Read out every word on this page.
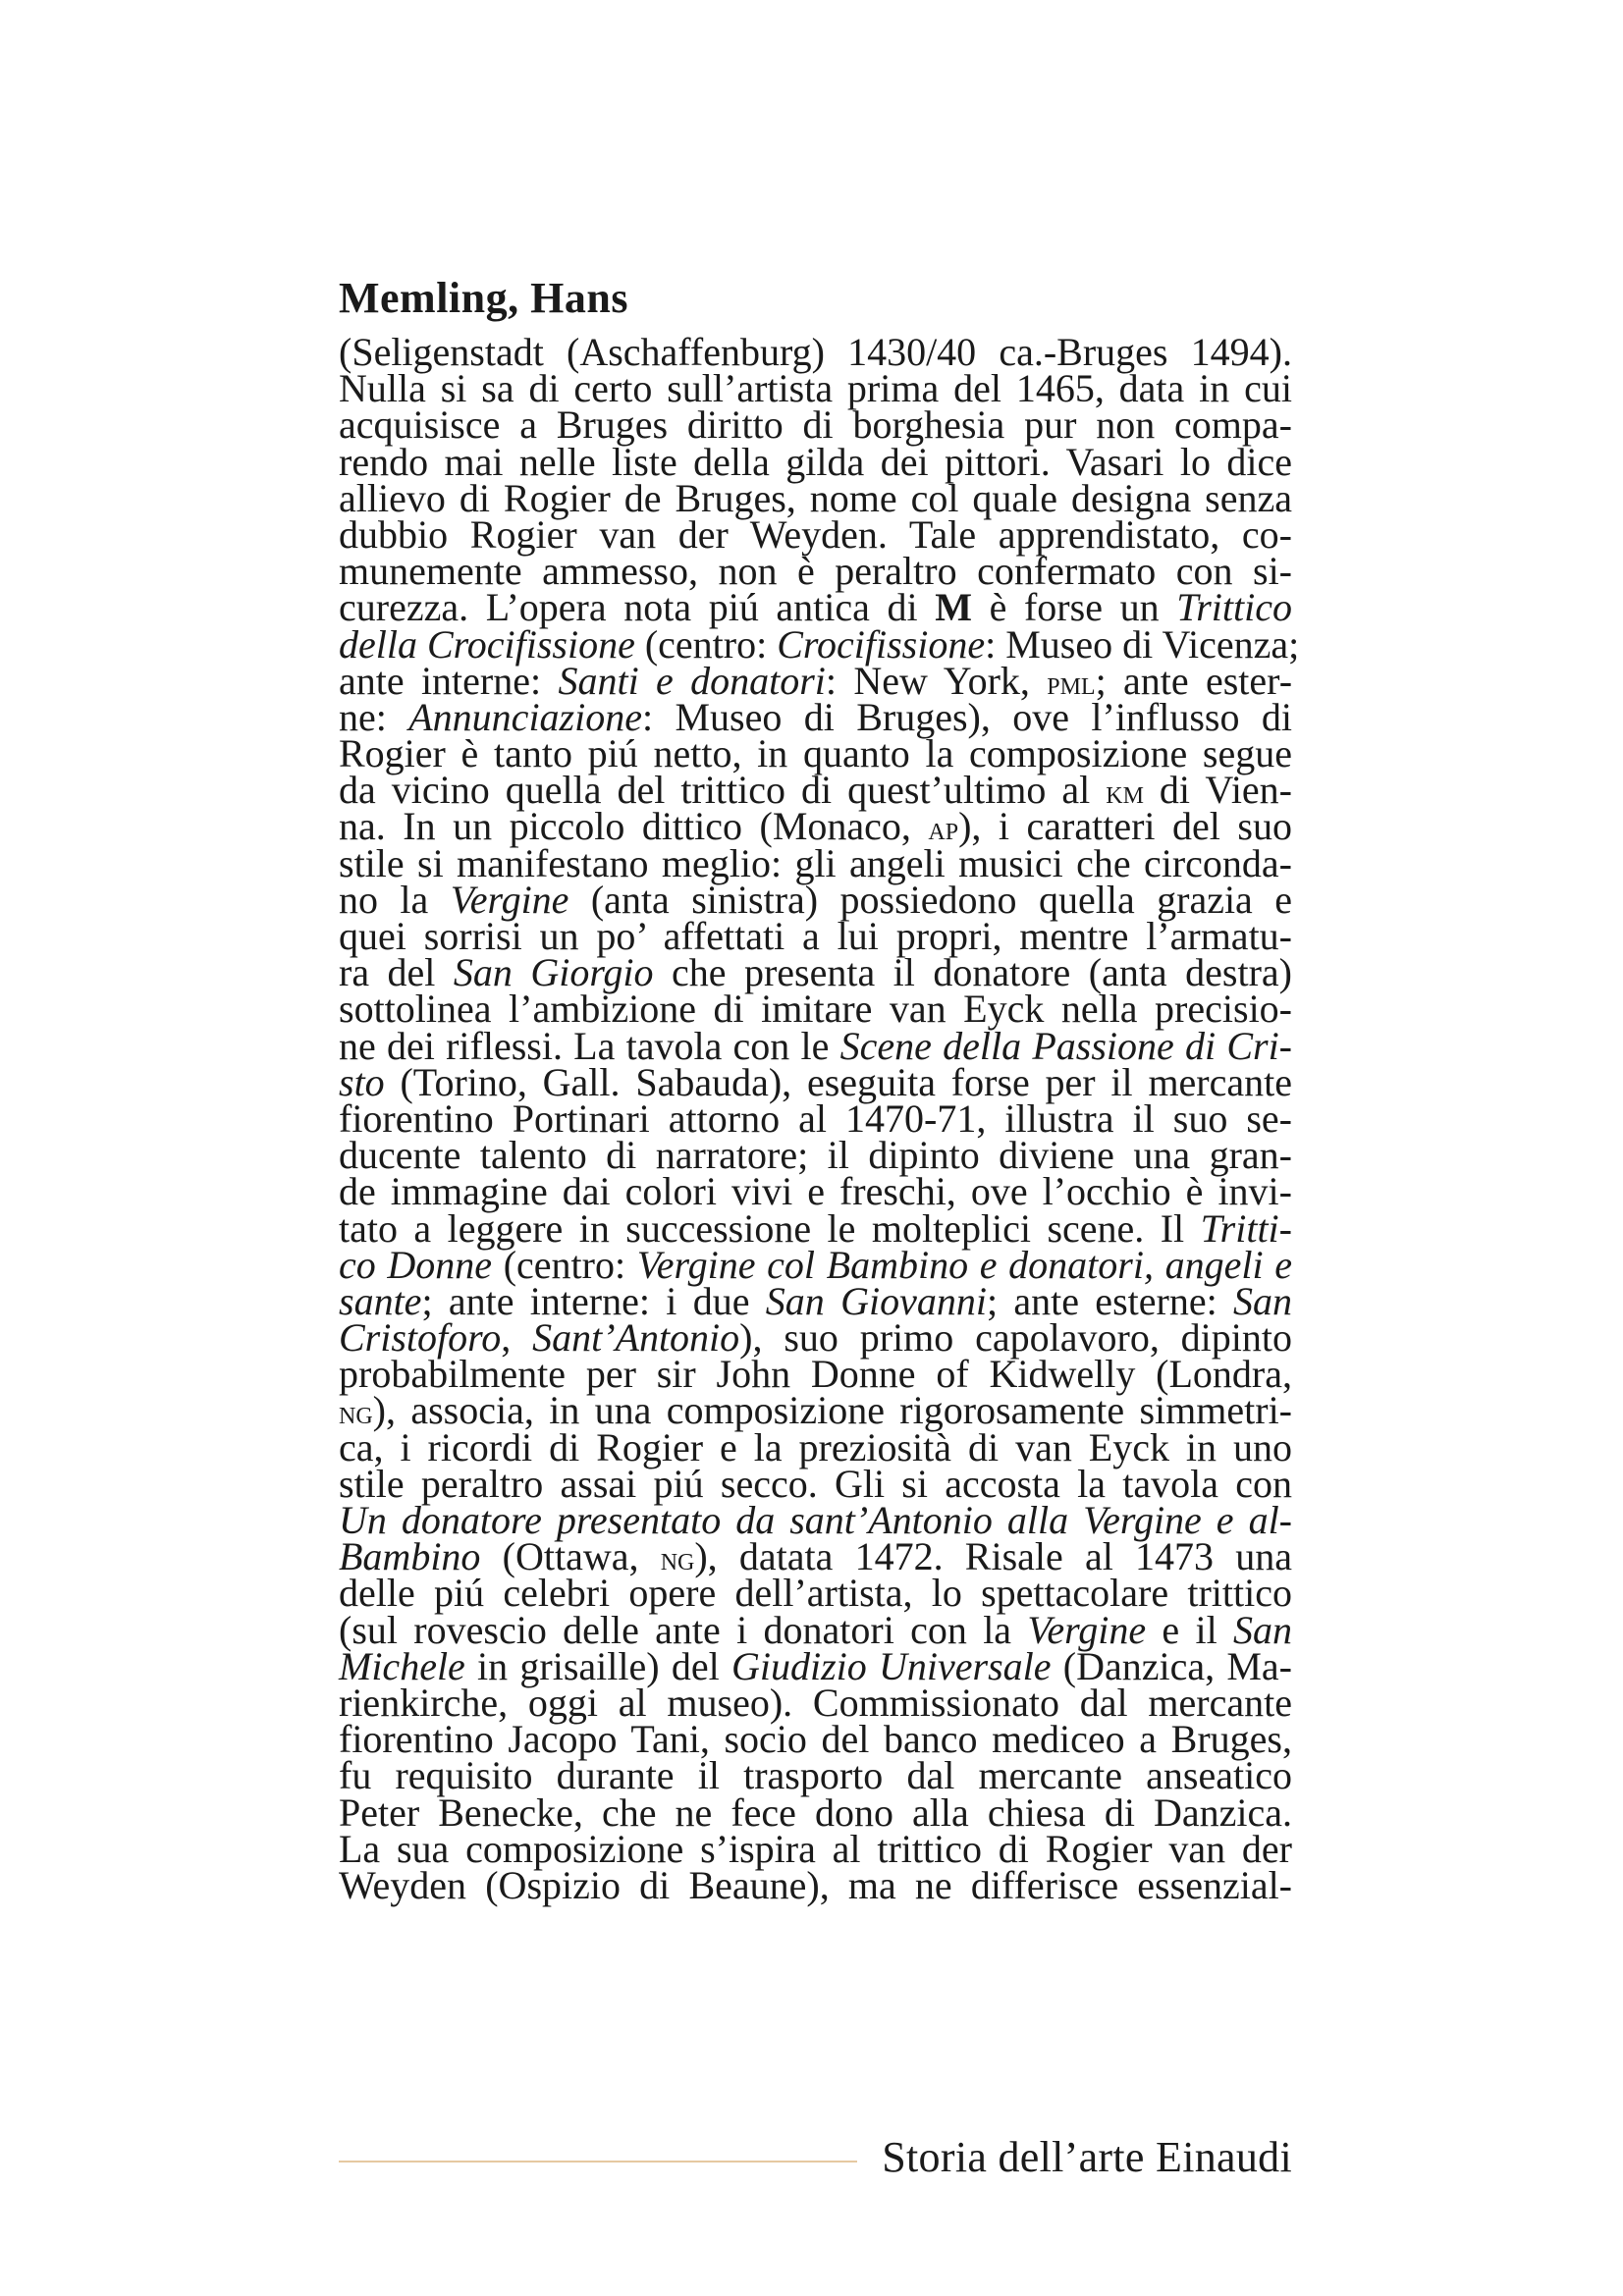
Memling, Hans
(Seligenstadt (Aschaffenburg) 1430/40 ca.-Bruges 1494).
Nulla si sa di certo sull’artista prima del 1465, data in cui
acquisisce a Bruges diritto di borghesia pur non compa-
rendo mai nelle liste della gilda dei pittori. Vasari lo dice
allievo di Rogier de Bruges, nome col quale designa senza
dubbio Rogier van der Weyden. Tale apprendistato, co-
munemente ammesso, non è peraltro confermato con si-
curezza. L’opera nota piú antica di M è forse un Trittico
della Crocifissione (centro: Crocifissione: Museo di Vicenza;
ante interne: Santi e donatori: New York, pml; ante ester-
ne: Annunciazione: Museo di Bruges), ove l’influsso di
Rogier è tanto piú netto, in quanto la composizione segue
da vicino quella del trittico di quest’ultimo al km di Vien-
na. In un piccolo dittico (Monaco, ap), i caratteri del suo
stile si manifestano meglio: gli angeli musici che circonda-
no la Vergine (anta sinistra) possiedono quella grazia e
quei sorrisi un po’ affettati a lui propri, mentre l’armatu-
ra del San Giorgio che presenta il donatore (anta destra)
sottolinea l’ambizione di imitare van Eyck nella precisio-
ne dei riflessi. La tavola con le Scene della Passione di Cri-
sto (Torino, Gall. Sabauda), eseguita forse per il mercante
fiorentino Portinari attorno al 1470-71, illustra il suo se-
ducente talento di narratore; il dipinto diviene una gran-
de immagine dai colori vivi e freschi, ove l’occhio è invi-
tato a leggere in successione le molteplici scene. Il Tritti-
co Donne (centro: Vergine col Bambino e donatori, angeli e
sante; ante interne: i due San Giovanni; ante esterne: San
Cristoforo, Sant’Antonio), suo primo capolavoro, dipinto
probabilmente per sir John Donne of Kidwelly (Londra,
ng), associa, in una composizione rigorosamente simmetri-
ca, i ricordi di Rogier e la preziosità di van Eyck in uno
stile peraltro assai piú secco. Gli si accosta la tavola con
Un donatore presentato da sant’Antonio alla Vergine e al-
Bambino (Ottawa, ng), datata 1472. Risale al 1473 una
delle piú celebri opere dell’artista, lo spettacolare trittico
(sul rovescio delle ante i donatori con la Vergine e il San
Michele in grisaille) del Giudizio Universale (Danzica, Ma-
rienkirche, oggi al museo). Commissionato dal mercante
fiorentino Jacopo Tani, socio del banco mediceo a Bruges,
fu requisito durante il trasporto dal mercante anseatico
Peter Benecke, che ne fece dono alla chiesa di Danzica.
La sua composizione s’ispira al trittico di Rogier van der
Weyden (Ospizio di Beaune), ma ne differisce essenzial-
Storia dell’arte Einaudi
